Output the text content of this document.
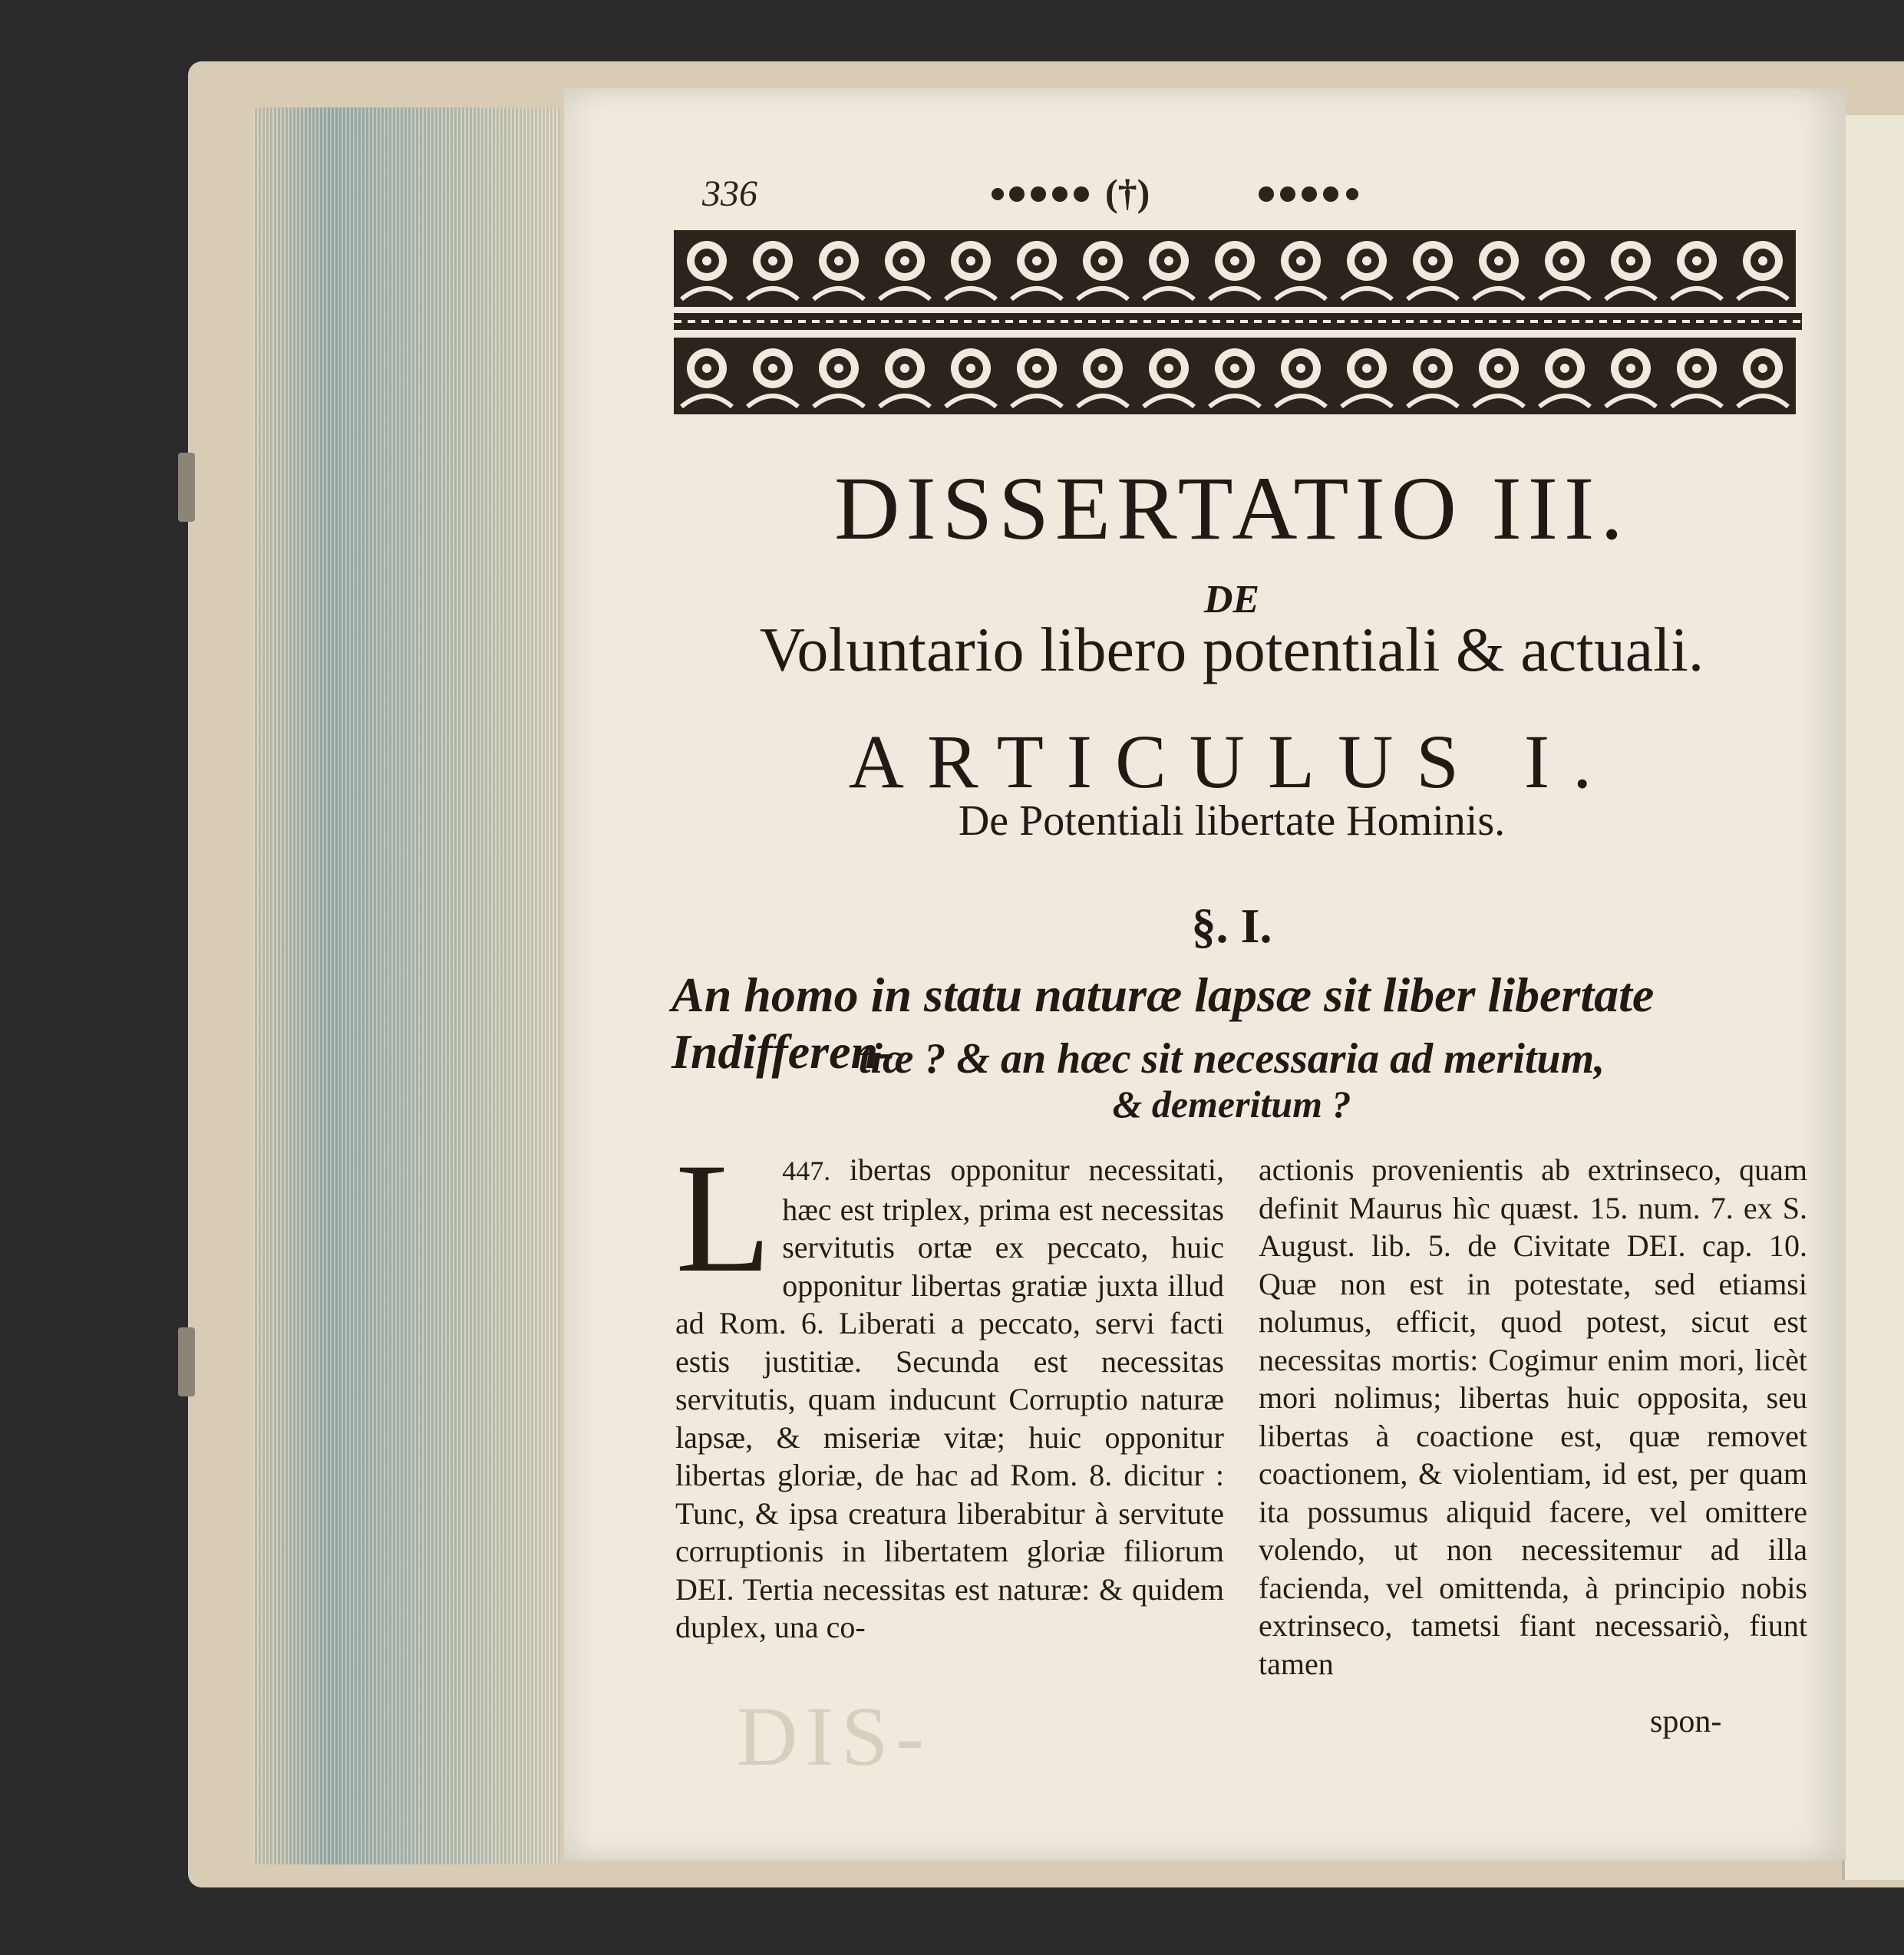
DIS-
336	(†)
DISSERTATIO III.
DE
Voluntario libero potentiali & actuali.
ARTICULUS I.
De Potentiali libertate Hominis.
§. I.
An homo in statu naturæ lapsæ sit liber libertate Indifferen-
tiæ ? & an hæc sit necessaria ad meritum,
& demeritum ?

447.
L	ibertas opponitur necessitati, hæc est triplex, prima est necessitas servitutis ortæ ex peccato, huic opponitur libertas gratiæ juxta illud ad Rom. 6. Liberati a peccato, servi facti estis justitiæ. Secunda est necessitas servitutis, quam inducunt Corruptio naturæ lapsæ, & miseriæ vitæ; huic opponitur libertas gloriæ, de hac ad Rom. 8. dicitur : Tunc, & ipsa creatura liberabitur à servitute corruptionis in libertatem gloriæ filiorum DEI. Tertia necessitas est naturæ: & quidem duplex, una co-

actionis provenientis ab extrinseco, quam definit Maurus hìc quæst. 15. num. 7. ex S. August. lib. 5. de Civitate DEI. cap. 10. Quæ non est in potestate, sed etiamsi nolumus, efficit, quod potest, sicut est necessitas mortis: Cogimur enim mori, licèt mori nolimus; libertas huic opposita, seu libertas à coactione est, quæ removet coactionem, & violentiam, id est, per quam ita possumus aliquid facere, vel omittere volendo, ut non necessitemur ad illa facienda, vel omittenda, à principio nobis extrinseco, tametsi fiant necessariò, fiunt tamen

spon-
